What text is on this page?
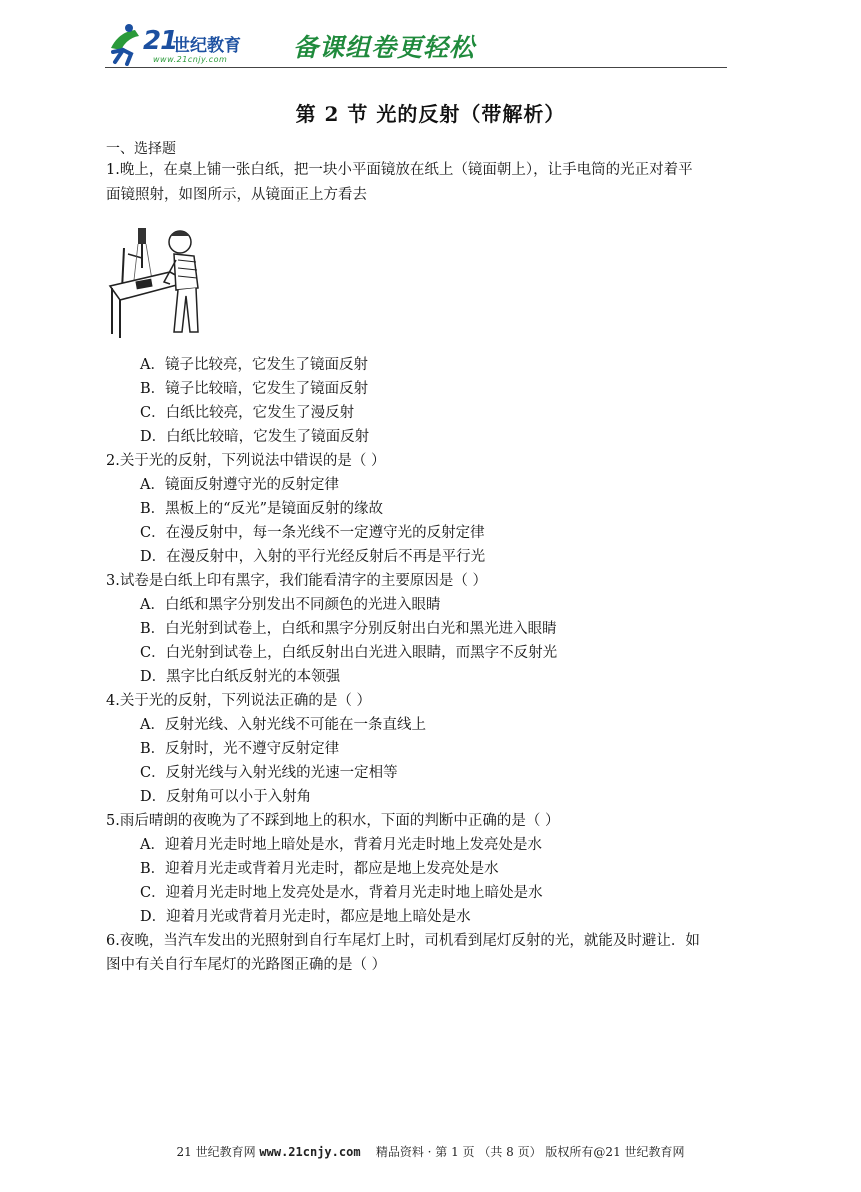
21
世纪教育
www.21cnjy.com	备课组卷更轻松
第 2 节 光的反射（带解析）
一、选择题
1.晚上，在桌上铺一张白纸，把一块小平面镜放在纸上（镜面朝上），让手电筒的光正对着平
面镜照射，如图所示，从镜面正上方看去
A．镜子比较亮，它发生了镜面反射
B．镜子比较暗，它发生了镜面反射
C．白纸比较亮，它发生了漫反射
D．白纸比较暗，它发生了镜面反射
2.关于光的反射，下列说法中错误的是（ ）
A．镜面反射遵守光的反射定律
B．黑板上的“反光”是镜面反射的缘故
C．在漫反射中，每一条光线不一定遵守光的反射定律
D．在漫反射中，入射的平行光经反射后不再是平行光
3.试卷是白纸上印有黑字，我们能看清字的主要原因是（ ）
A．白纸和黑字分别发出不同颜色的光进入眼睛
B．白光射到试卷上，白纸和黑字分别反射出白光和黑光进入眼睛
C．白光射到试卷上，白纸反射出白光进入眼睛，而黑字不反射光
D．黑字比白纸反射光的本领强
4.关于光的反射，下列说法正确的是（ ）
A．反射光线、入射光线不可能在一条直线上
B．反射时，光不遵守反射定律
C．反射光线与入射光线的光速一定相等
D．反射角可以小于入射角
5.雨后晴朗的夜晚为了不踩到地上的积水，下面的判断中正确的是（ ）
A．迎着月光走时地上暗处是水，背着月光走时地上发亮处是水
B．迎着月光走或背着月光走时，都应是地上发亮处是水
C．迎着月光走时地上发亮处是水，背着月光走时地上暗处是水
D．迎着月光或背着月光走时，都应是地上暗处是水
6.夜晚，当汽车发出的光照射到自行车尾灯上时，司机看到尾灯反射的光，就能及时避让．如
图中有关自行车尾灯的光路图正确的是（ ）
21 世纪教育网 www.21cnjy.com 精品资料 · 第 1 页 （共 8 页） 版权所有@21 世纪教育网
